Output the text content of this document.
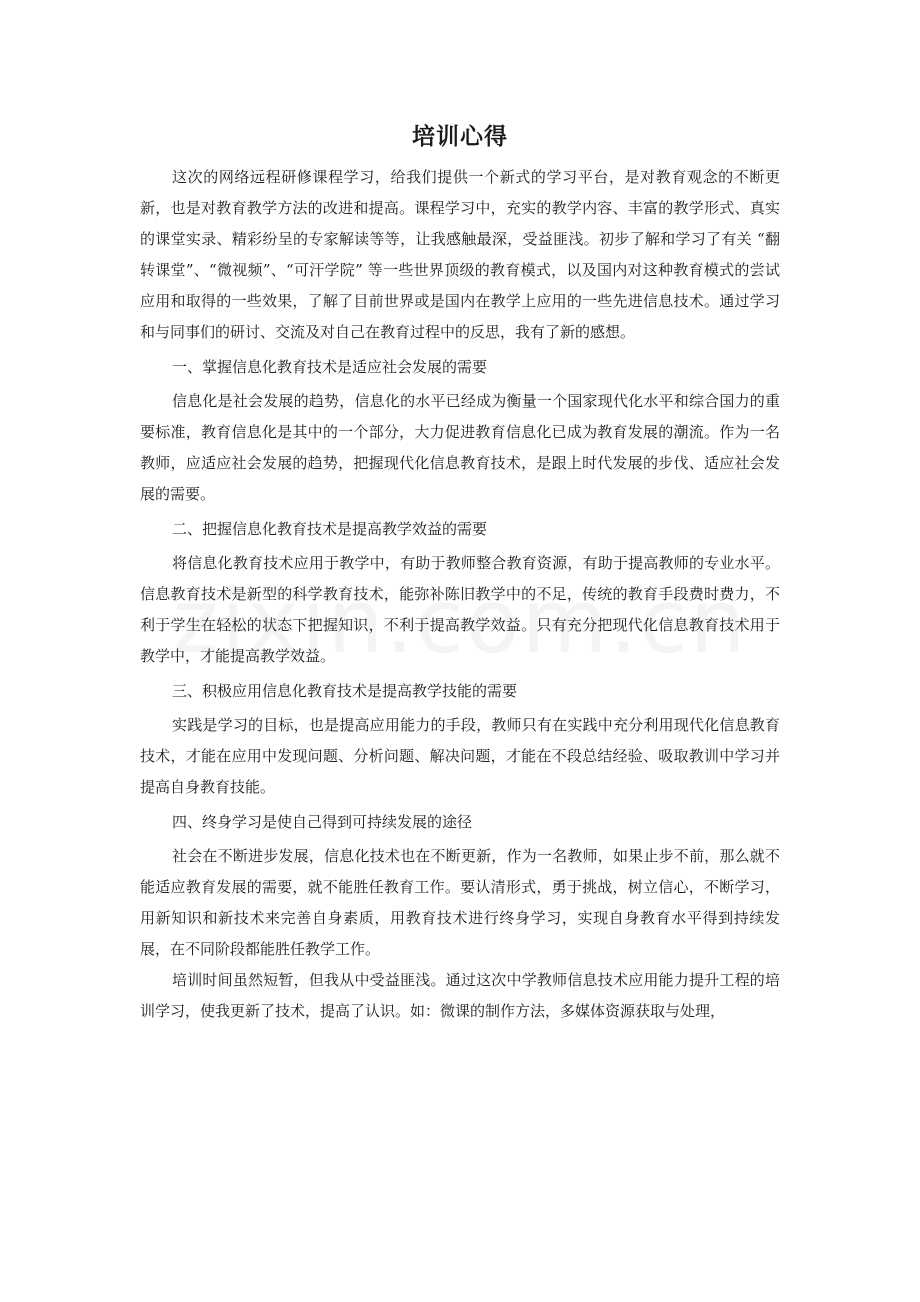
培训心得

这次的网络远程研修课程学习，给我们提供一个新式的学习平台，是对教育观念的不断更新，也是对教育教学方法的改进和提高。课程学习中，充实的教学内容、丰富的教学形式、真实的课堂实录、精彩纷呈的专家解读等等，让我感触最深，受益匪浅。初步了解和学习了有关 “翻转课堂”、“微视频”、“可汗学院” 等一些世界顶级的教育模式，以及国内对这种教育模式的尝试应用和取得的一些效果，了解了目前世界或是国内在教学上应用的一些先进信息技术。通过学习和与同事们的研讨、交流及对自己在教育过程中的反思，我有了新的感想。

一、掌握信息化教育技术是适应社会发展的需要

信息化是社会发展的趋势，信息化的水平已经成为衡量一个国家现代化水平和综合国力的重要标准，教育信息化是其中的一个部分，大力促进教育信息化已成为教育发展的潮流。作为一名教师，应适应社会发展的趋势，把握现代化信息教育技术，是跟上时代发展的步伐、适应社会发展的需要。

二、把握信息化教育技术是提高教学效益的需要

将信息化教育技术应用于教学中，有助于教师整合教育资源，有助于提高教师的专业水平。信息教育技术是新型的科学教育技术，能弥补陈旧教学中的不足，传统的教育手段费时费力，不利于学生在轻松的状态下把握知识，不利于提高教学效益。只有充分把现代化信息教育技术用于教学中，才能提高教学效益。

三、积极应用信息化教育技术是提高教学技能的需要

实践是学习的目标，也是提高应用能力的手段，教师只有在实践中充分利用现代化信息教育技术，才能在应用中发现问题、分析问题、解决问题，才能在不段总结经验、吸取教训中学习并提高自身教育技能。

四、终身学习是使自己得到可持续发展的途径

社会在不断进步发展，信息化技术也在不断更新，作为一名教师，如果止步不前，那么就不能适应教育发展的需要，就不能胜任教育工作。要认清形式，勇于挑战，树立信心，不断学习，用新知识和新技术来完善自身素质，用教育技术进行终身学习，实现自身教育水平得到持续发展，在不同阶段都能胜任教学工作。

培训时间虽然短暂，但我从中受益匪浅。通过这次中学教师信息技术应用能力提升工程的培训学习，使我更新了技术，提高了认识。如：微课的制作方法，多媒体资源获取与处理，
